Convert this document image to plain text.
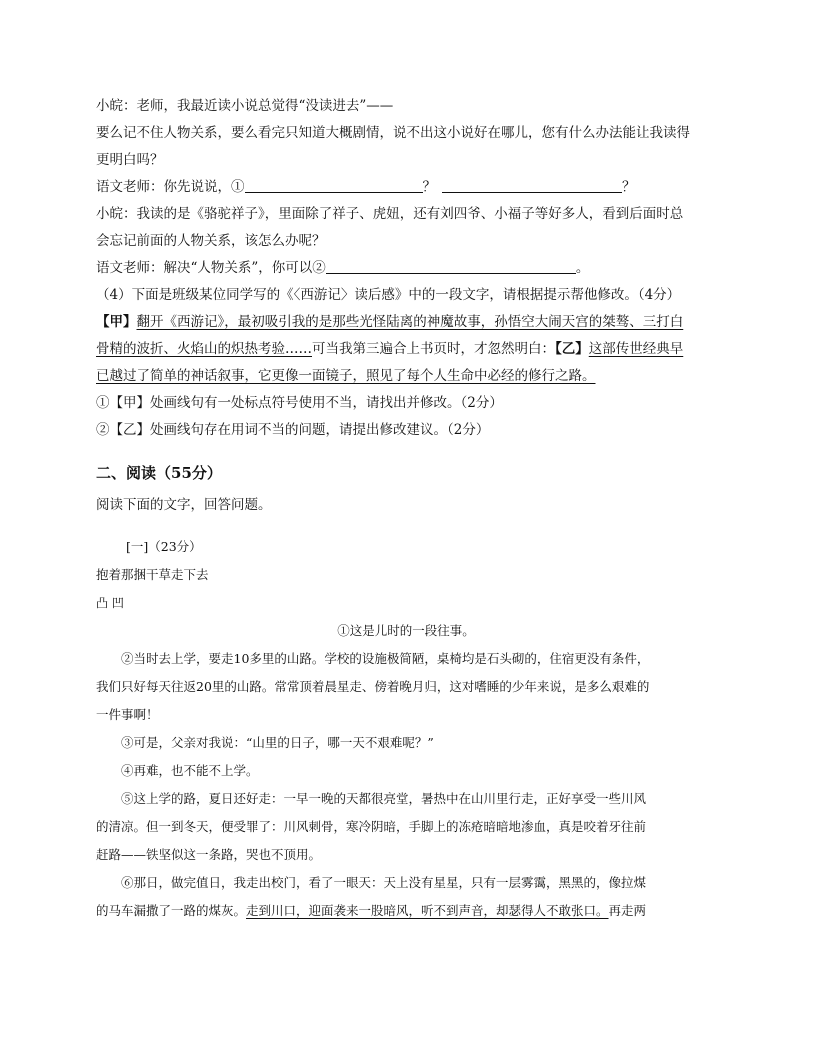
小皖：老师，我最近读小说总觉得“没读进去”——
要么记不住人物关系，要么看完只知道大概剧情，说不出这小说好在哪儿，您有什么办法能让我读得
更明白吗？
语文老师：你先说说，①	？	？
小皖：我读的是《骆驼祥子》，里面除了祥子、虎妞，还有刘四爷、小福子等好多人，看到后面时总
会忘记前面的人物关系，该怎么办呢？
语文老师：解决“人物关系”，你可以②	。
（4）下面是班级某位同学写的《〈西游记〉读后感》中的一段文字，请根据提示帮他修改。（4分）
【甲】翻开《西游记》，最初吸引我的是那些光怪陆离的神魔故事，孙悟空大闹天宫的桀骜、三打白
骨精的波折、火焰山的炽热考验……可当我第三遍合上书页时，才忽然明白：【乙】这部传世经典早
已越过了简单的神话叙事，它更像一面镜子，照见了每个人生命中必经的修行之路。
①【甲】处画线句有一处标点符号使用不当，请找出并修改。（2分）
②【乙】处画线句存在用词不当的问题，请提出修改建议。（2分）
二、阅读（55分）
阅读下面的文字，回答问题。
[一]（23分）
抱着那捆干草走下去
凸 凹
①这是儿时的一段往事。
②当时去上学，要走10多里的山路。学校的设施极简陋，桌椅均是石头砌的，住宿更没有条件，
我们只好每天往返20里的山路。常常顶着晨星走、傍着晚月归，这对嗜睡的少年来说，是多么艰难的
一件事啊！
③可是，父亲对我说：“山里的日子，哪一天不艰难呢？”
④再难，也不能不上学。
⑤这上学的路，夏日还好走：一早一晚的天都很亮堂，暑热中在山川里行走，正好享受一些川风
的清凉。但一到冬天，便受罪了：川风刺骨，寒冷阴暗，手脚上的冻疮暗暗地渗血，真是咬着牙往前
赶路——铁坚似这一条路，哭也不顶用。
⑥那日，做完值日，我走出校门，看了一眼天：天上没有星星，只有一层雾霭，黑黑的，像拉煤
的马车漏撒了一路的煤灰。走到川口，迎面袭来一股暗风，听不到声音，却瑟得人不敢张口。再走两
